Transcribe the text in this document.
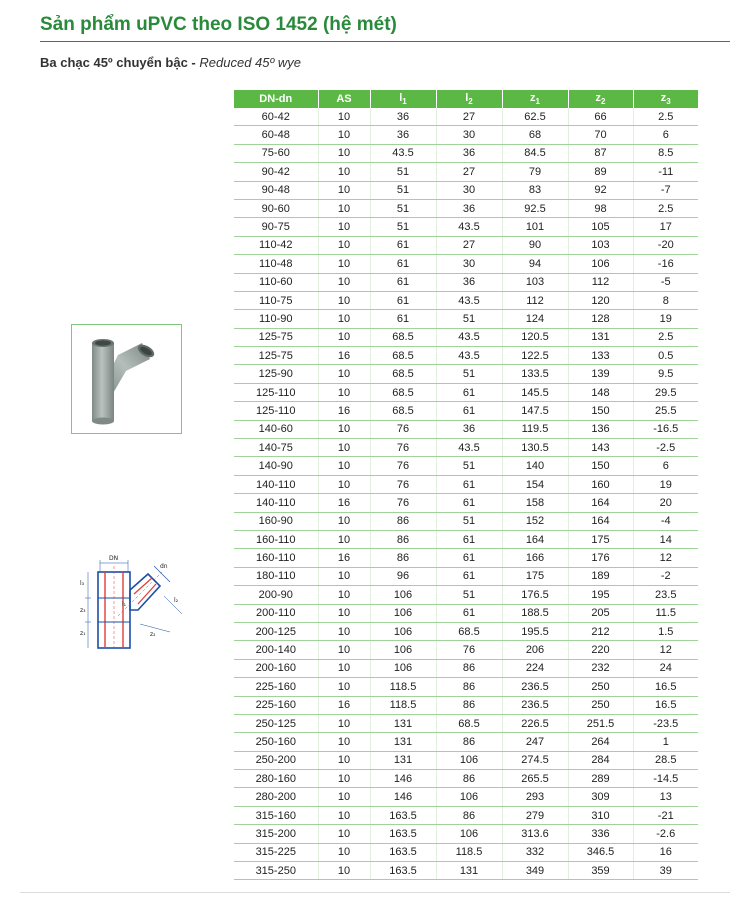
Sản phẩm uPVC theo ISO 1452 (hệ mét)
Ba chạc 45º chuyển bậc - Reduced 45º wye
DN
dn
l₃
z₃
z₁
l₂
z₂
l₁
DN-dn	AS	$l_1$	$l_2$	$z_1$	$z_2$	$z_3$
60-42	10	36	27	62.5	66	2.5
60-48	10	36	30	68	70	6
75-60	10	43.5	36	84.5	87	8.5
90-42	10	51	27	79	89	-11
90-48	10	51	30	83	92	-7
90-60	10	51	36	92.5	98	2.5
90-75	10	51	43.5	101	105	17
110-42	10	61	27	90	103	-20
110-48	10	61	30	94	106	-16
110-60	10	61	36	103	112	-5
110-75	10	61	43.5	112	120	8
110-90	10	61	51	124	128	19
125-75	10	68.5	43.5	120.5	131	2.5
125-75	16	68.5	43.5	122.5	133	0.5
125-90	10	68.5	51	133.5	139	9.5
125-110	10	68.5	61	145.5	148	29.5
125-110	16	68.5	61	147.5	150	25.5
140-60	10	76	36	119.5	136	-16.5
140-75	10	76	43.5	130.5	143	-2.5
140-90	10	76	51	140	150	6
140-110	10	76	61	154	160	19
140-110	16	76	61	158	164	20
160-90	10	86	51	152	164	-4
160-110	10	86	61	164	175	14
160-110	16	86	61	166	176	12
180-110	10	96	61	175	189	-2
200-90	10	106	51	176.5	195	23.5
200-110	10	106	61	188.5	205	11.5
200-125	10	106	68.5	195.5	212	1.5
200-140	10	106	76	206	220	12
200-160	10	106	86	224	232	24
225-160	10	118.5	86	236.5	250	16.5
225-160	16	118.5	86	236.5	250	16.5
250-125	10	131	68.5	226.5	251.5	-23.5
250-160	10	131	86	247	264	1
250-200	10	131	106	274.5	284	28.5
280-160	10	146	86	265.5	289	-14.5
280-200	10	146	106	293	309	13
315-160	10	163.5	86	279	310	-21
315-200	10	163.5	106	313.6	336	-2.6
315-225	10	163.5	118.5	332	346.5	16
315-250	10	163.5	131	349	359	39
